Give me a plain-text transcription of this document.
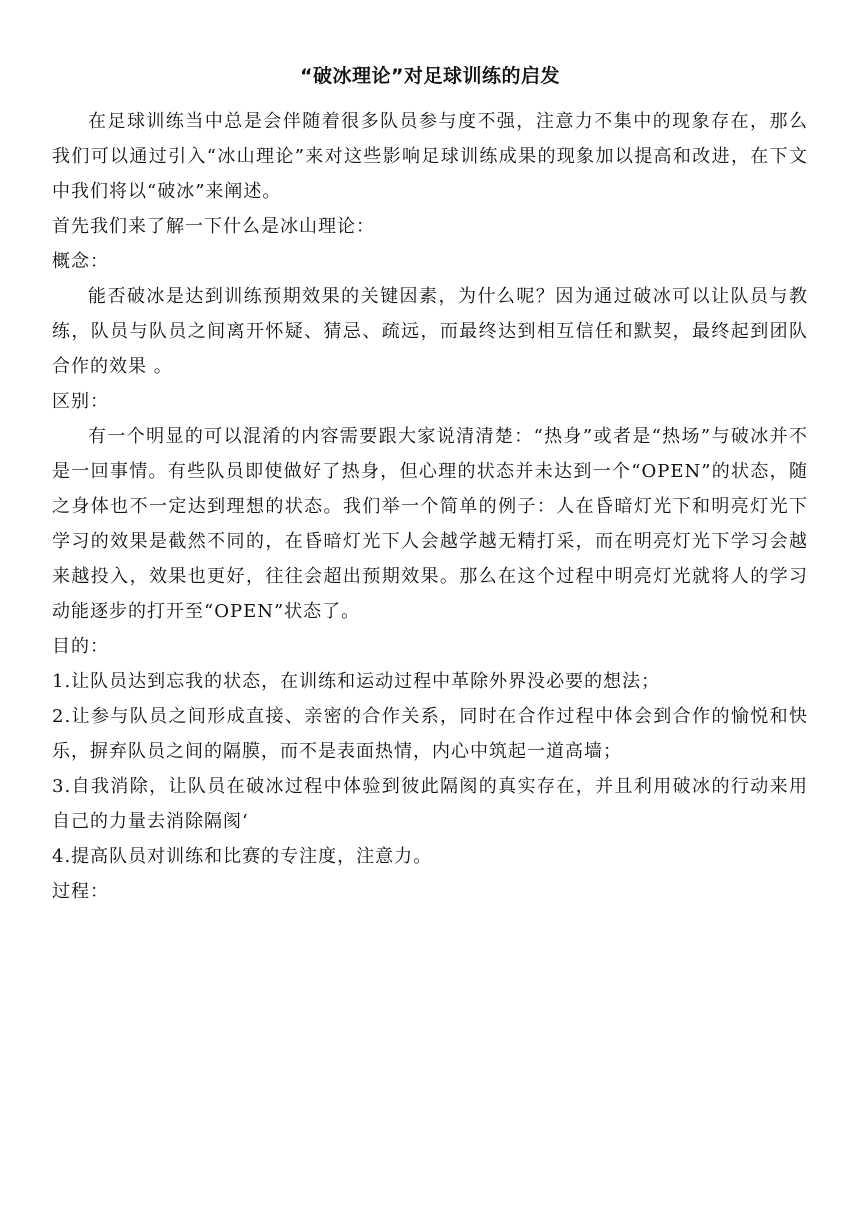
“破冰理论”对足球训练的启发

在足球训练当中总是会伴随着很多队员参与度不强，注意力不集中的现象存在，那么我们可以通过引入“冰山理论”来对这些影响足球训练成果的现象加以提高和改进，在下文中我们将以“破冰”来阐述。

首先我们来了解一下什么是冰山理论：

概念：

能否破冰是达到训练预期效果的关键因素，为什么呢？因为通过破冰可以让队员与教练，队员与队员之间离开怀疑、猜忌、疏远，而最终达到相互信任和默契，最终起到团队合作的效果 。

区别：

有一个明显的可以混淆的内容需要跟大家说清清楚：“热身”或者是“热场”与破冰并不是一回事情。有些队员即使做好了热身，但心理的状态并未达到一个“OPEN”的状态，随之身体也不一定达到理想的状态。我们举一个简单的例子：人在昏暗灯光下和明亮灯光下学习的效果是截然不同的，在昏暗灯光下人会越学越无精打采，而在明亮灯光下学习会越来越投入，效果也更好，往往会超出预期效果。那么在这个过程中明亮灯光就将人的学习动能逐步的打开至“OPEN”状态了。

目的：

1.让队员达到忘我的状态，在训练和运动过程中革除外界没必要的想法；

2.让参与队员之间形成直接、亲密的合作关系，同时在合作过程中体会到合作的愉悦和快乐，摒弃队员之间的隔膜，而不是表面热情，内心中筑起一道高墙；

3.自我消除，让队员在破冰过程中体验到彼此隔阂的真实存在，并且利用破冰的行动来用自己的力量去消除隔阂‘

4.提高队员对训练和比赛的专注度，注意力。

过程：
